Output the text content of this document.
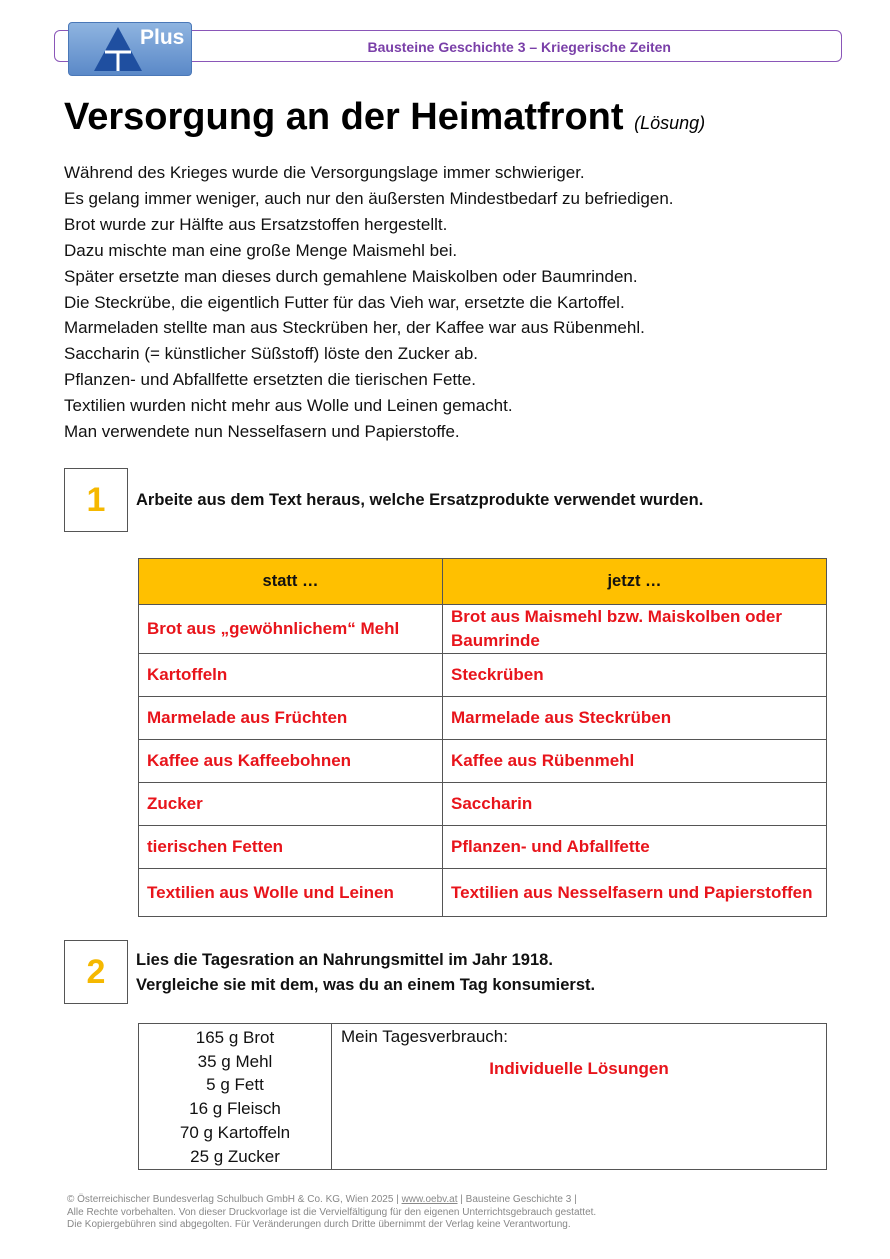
Bausteine Geschichte 3 – Kriegerische Zeiten
Plus
Versorgung an der Heimatfront (Lösung)
Während des Krieges wurde die Versorgungslage immer schwieriger.
Es gelang immer weniger, auch nur den äußersten Mindestbedarf zu befriedigen.
Brot wurde zur Hälfte aus Ersatzstoffen hergestellt.
Dazu mischte man eine große Menge Maismehl bei.
Später ersetzte man dieses durch gemahlene Maiskolben oder Baumrinden.
Die Steckrübe, die eigentlich Futter für das Vieh war, ersetzte die Kartoffel.
Marmeladen stellte man aus Steckrüben her, der Kaffee war aus Rübenmehl.
Saccharin (= künstlicher Süßstoff) löste den Zucker ab.
Pflanzen- und Abfallfette ersetzten die tierischen Fette.
Textilien wurden nicht mehr aus Wolle und Leinen gemacht.
Man verwendete nun Nesselfasern und Papierstoffe.
1	Arbeite aus dem Text heraus, welche Ersatzprodukte verwendet wurden.
statt …	jetzt …
Brot aus „gewöhnlichem“ Mehl	Brot aus Maismehl bzw. Maiskolben oder Baumrinde
Kartoffeln	Steckrüben
Marmelade aus Früchten	Marmelade aus Steckrüben
Kaffee aus Kaffeebohnen	Kaffee aus Rübenmehl
Zucker	Saccharin
tierischen Fetten	Pflanzen- und Abfallfette
Textilien aus Wolle und Leinen	Textilien aus Nesselfasern und Papierstoffen
2	Lies die Tagesration an Nahrungsmittel im Jahr 1918.
Vergleiche sie mit dem, was du an einem Tag konsumierst.
165 g Brot
35 g Mehl
5 g Fett
16 g Fleisch
70 g Kartoffeln
25 g Zucker

Mein Tagesverbrauch:
Individuelle Lösungen
© Österreichischer Bundesverlag Schulbuch GmbH & Co. KG, Wien 2025 | www.oebv.at | Bausteine Geschichte 3 |
Alle Rechte vorbehalten. Von dieser Druckvorlage ist die Vervielfältigung für den eigenen Unterrichtsgebrauch gestattet.
Die Kopiergebühren sind abgegolten. Für Veränderungen durch Dritte übernimmt der Verlag keine Verantwortung.
